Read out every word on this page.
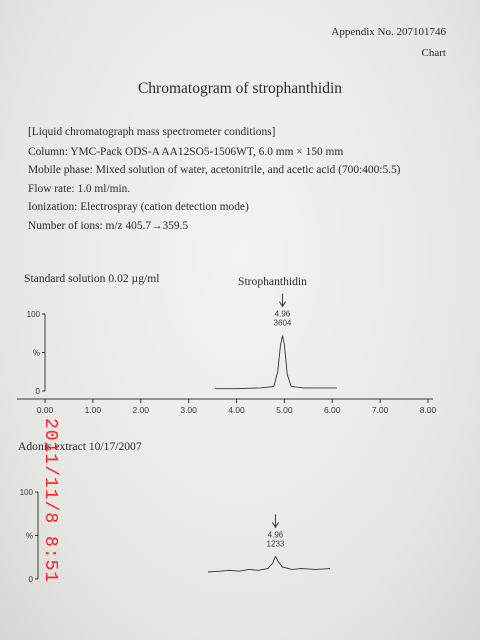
Appendix No. 207101746
Chart
Chromatogram of strophanthidin
[Liquid chromatograph mass spectrometer conditions]
Column: YMC-Pack ODS-A AA12SO5-1506WT, 6.0 mm × 150 mm
Mobile phase: Mixed solution of water, acetonitrile, and acetic acid (700:400:5.5)
Flow rate: 1.0 ml/min.
Ionization: Electrospray (cation detection mode)
Number of ions: m/z 405.7→359.5
Standard solution 0.02 µg/ml	Strophanthidin
Adonis extract 10/17/2007
100
%
0
0.00	1.00	2.00	3.00	4.00	5.00	6.00	7.00	8.00
3604
4.96
100
%
0
1233
4.96
2011/11/8 8:51
